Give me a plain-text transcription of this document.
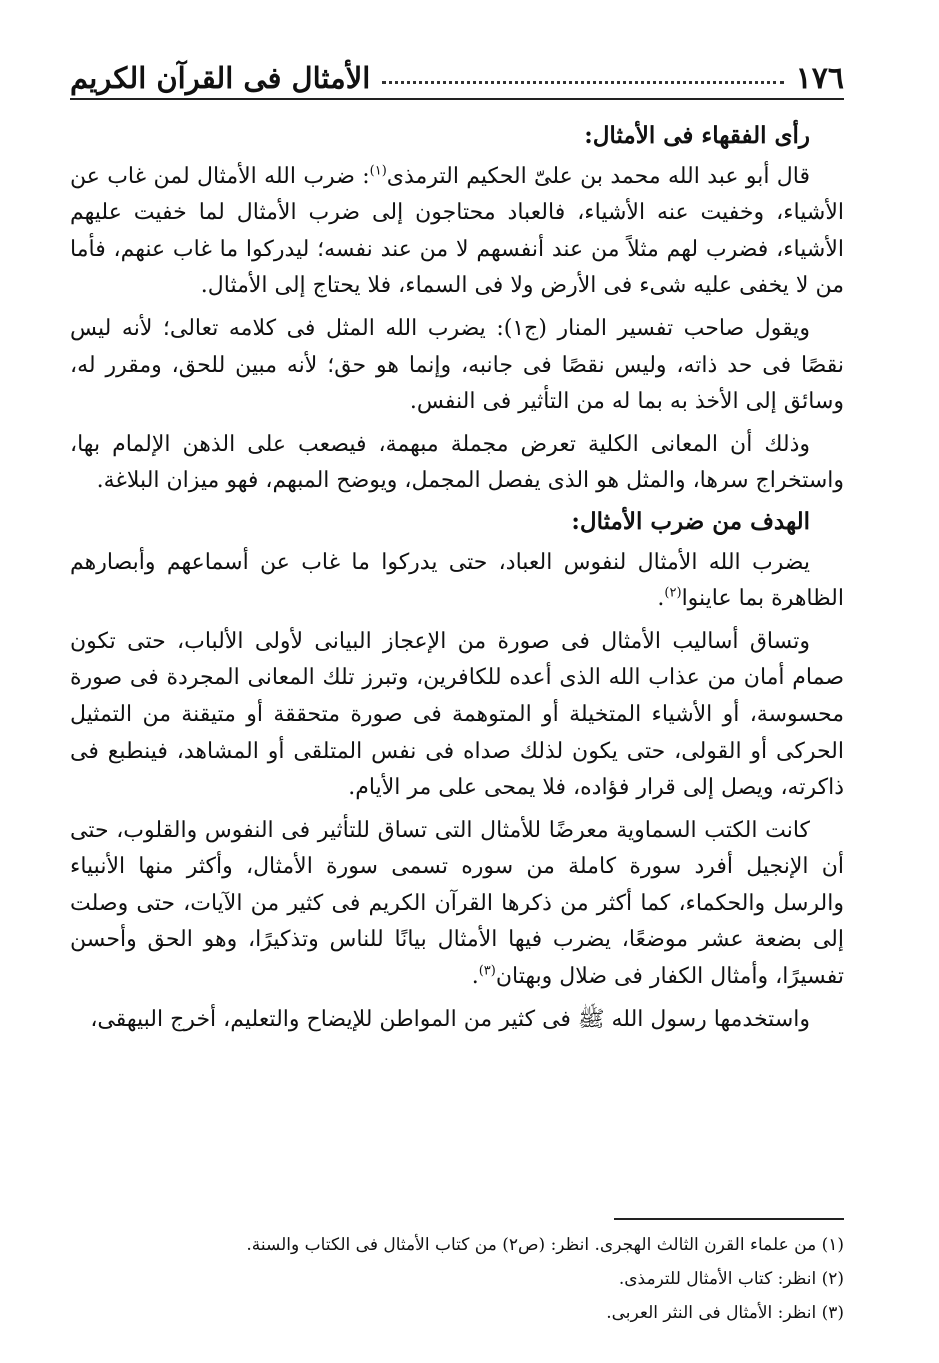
١٧٦
الأمثال فى القرآن الكريم
رأى الفقهاء فى الأمثال:

قال أبو عبد الله محمد بن علىّ الحكيم الترمذى$^{(١)}$: ضرب الله الأمثال لمن غاب عن الأشياء، وخفيت عنه الأشياء، فالعباد محتاجون إلى ضرب الأمثال لما خفيت عليهم الأشياء، فضرب لهم مثلاً من عند أنفسهم لا من عند نفسه؛ ليدركوا ما غاب عنهم، فأما من لا يخفى عليه شىء فى الأرض ولا فى السماء، فلا يحتاج إلى الأمثال.

ويقول صاحب تفسير المنار (ج١): يضرب الله المثل فى كلامه تعالى؛ لأنه ليس نقصًا فى حد ذاته، وليس نقصًا فى جانبه، وإنما هو حق؛ لأنه مبين للحق، ومقرر له، وسائق إلى الأخذ به بما له من التأثير فى النفس.

وذلك أن المعانى الكلية تعرض مجملة مبهمة، فيصعب على الذهن الإلمام بها، واستخراج سرها، والمثل هو الذى يفصل المجمل، ويوضح المبهم، فهو ميزان البلاغة.

الهدف من ضرب الأمثال:

يضرب الله الأمثال لنفوس العباد، حتى يدركوا ما غاب عن أسماعهم وأبصارهم الظاهرة بما عاينوا$^{(٢)}$.

وتساق أساليب الأمثال فى صورة من الإعجاز البيانى لأولى الألباب، حتى تكون صمام أمان من عذاب الله الذى أعده للكافرين، وتبرز تلك المعانى المجردة فى صورة محسوسة، أو الأشياء المتخيلة أو المتوهمة فى صورة متحققة أو متيقنة من التمثيل الحركى أو القولى، حتى يكون لذلك صداه فى نفس المتلقى أو المشاهد، فينطبع فى ذاكرته، ويصل إلى قرار فؤاده، فلا يمحى على مر الأيام.

كانت الكتب السماوية معرضًا للأمثال التى تساق للتأثير فى النفوس والقلوب، حتى أن الإنجيل أفرد سورة كاملة من سوره تسمى سورة الأمثال، وأكثر منها الأنبياء والرسل والحكماء، كما أكثر من ذكرها القرآن الكريم فى كثير من الآيات، حتى وصلت إلى بضعة عشر موضعًا، يضرب فيها الأمثال بيانًا للناس وتذكيرًا، وهو الحق وأحسن تفسيرًا، وأمثال الكفار فى ضلال وبهتان$^{(٣)}$.

واستخدمها رسول الله ﷺ فى كثير من المواطن للإيضاح والتعليم، أخرج البيهقى،

(١) من علماء القرن الثالث الهجرى. انظر: (ص٢) من كتاب الأمثال فى الكتاب والسنة.

(٢) انظر: كتاب الأمثال للترمذى.

(٣) انظر: الأمثال فى النثر العربى.
